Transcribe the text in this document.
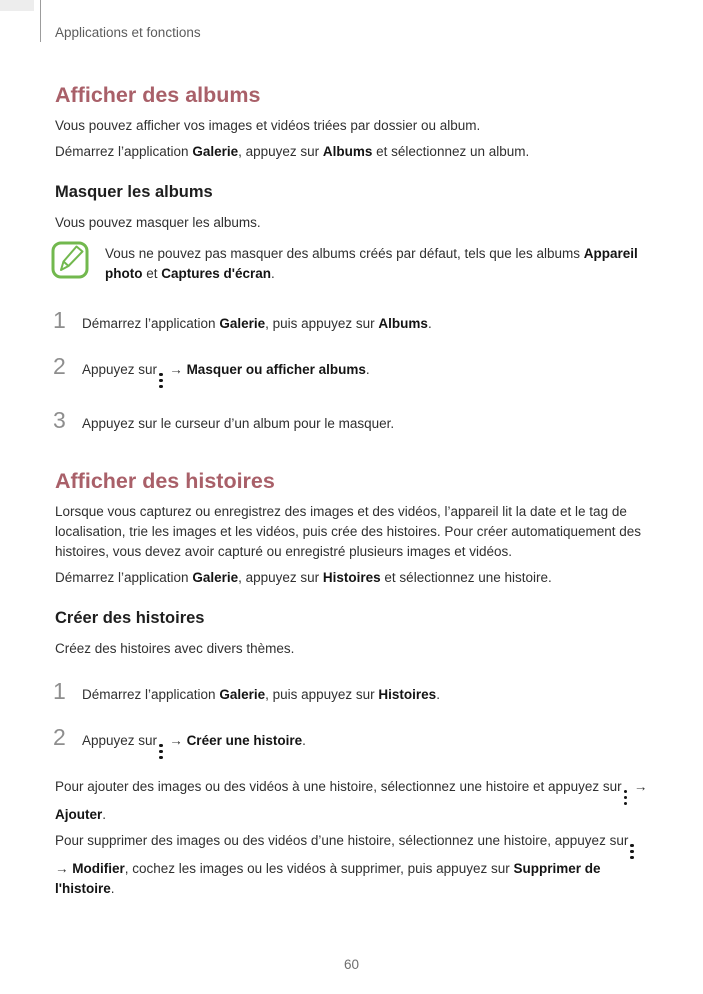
Applications et fonctions
Afficher des albums

Vous pouvez afficher vos images et vidéos triées par dossier ou album.

Démarrez l’application Galerie, appuyez sur Albums et sélectionnez un album.

Masquer les albums

Vous pouvez masquer les albums.

Vous ne pouvez pas masquer des albums créés par défaut, tels que les albums Appareil photo et Captures d'écran.

1	Démarrez l’application Galerie, puis appuyez sur Albums.

2	Appuyez sur
→ Masquer ou afficher albums.

3	Appuyez sur le curseur d’un album pour le masquer.

Afficher des histoires

Lorsque vous capturez ou enregistrez des images et des vidéos, l’appareil lit la date et le tag de localisation, trie les images et les vidéos, puis crée des histoires. Pour créer automatiquement des histoires, vous devez avoir capturé ou enregistré plusieurs images et vidéos.

Démarrez l’application Galerie, appuyez sur Histoires et sélectionnez une histoire.

Créer des histoires

Créez des histoires avec divers thèmes.

1	Démarrez l’application Galerie, puis appuyez sur Histoires.

2	Appuyez sur
→ Créer une histoire.

Pour ajouter des images ou des vidéos à une histoire, sélectionnez une histoire et appuyez sur
→ Ajouter.

Pour supprimer des images ou des vidéos d’une histoire, sélectionnez une histoire, appuyez sur
→ Modifier, cochez les images ou les vidéos à supprimer, puis appuyez sur Supprimer de l'histoire.

60
